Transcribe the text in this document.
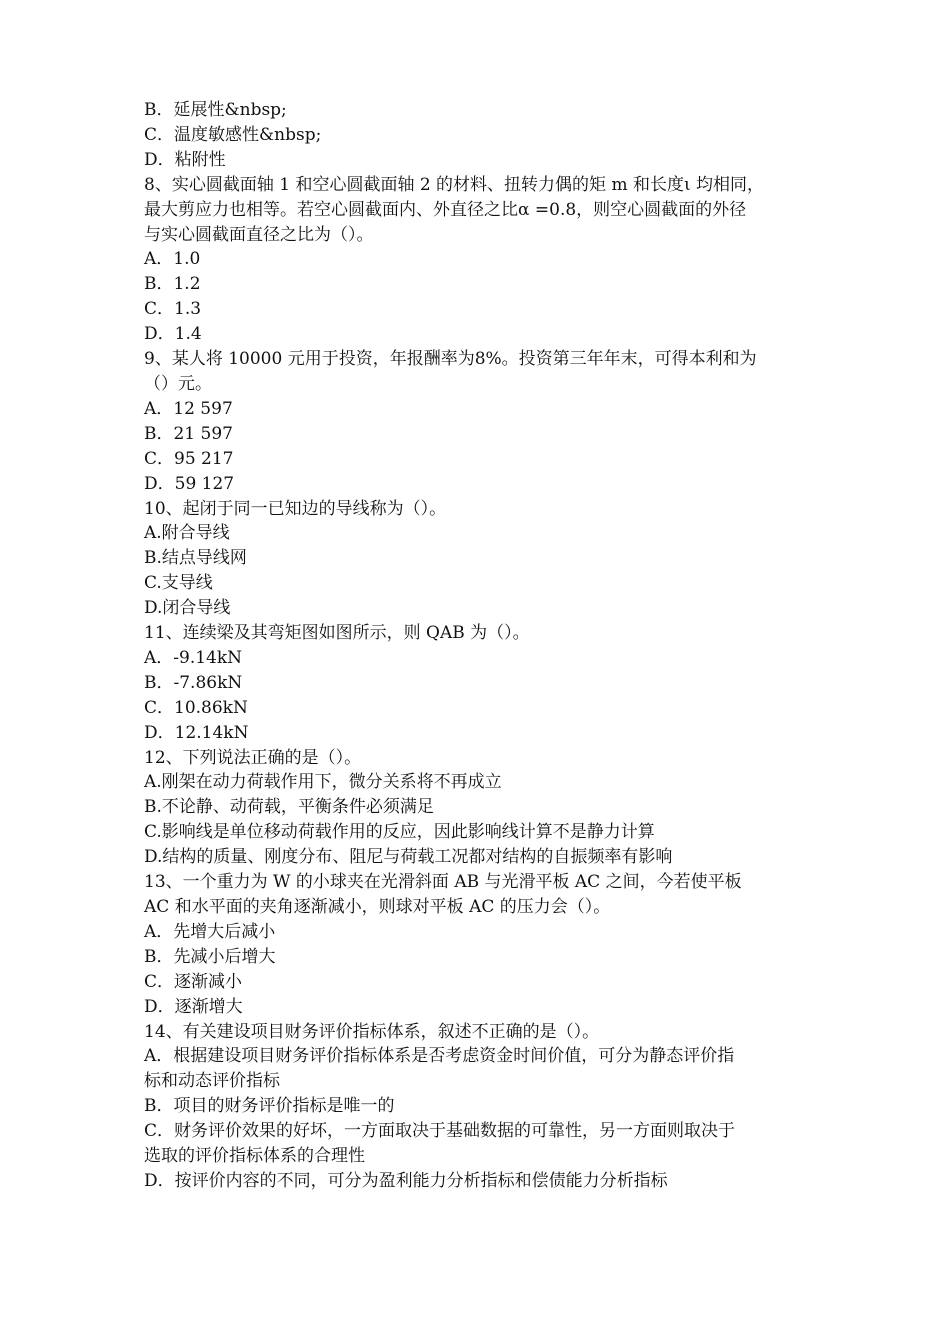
B．延展性&nbsp;

C．温度敏感性&nbsp;

D．粘附性

8、实心圆截面轴 1 和空心圆截面轴 2 的材料、扭转力偶的矩 m 和长度ι 均相同，

最大剪应力也相等。若空心圆截面内、外直径之比α =0.8，则空心圆截面的外径

与实心圆截面直径之比为（）。

A．1.0

B．1.2

C．1.3

D．1.4

9、某人将 10000 元用于投资，年报酬率为8%。投资第三年年末，可得本利和为

（）元。

A．12 597

B．21 597

C．95 217

D．59 127

10、起闭于同一已知边的导线称为（）。

A.附合导线

B.结点导线网

C.支导线

D.闭合导线

11、连续梁及其弯矩图如图所示，则 QAB 为（）。

A．-9.14kN

B．-7.86kN

C．10.86kN

D．12.14kN

12、下列说法正确的是（）。

A.刚架在动力荷载作用下，微分关系将不再成立

B.不论静、动荷载，平衡条件必须满足

C.影响线是单位移动荷载作用的反应，因此影响线计算不是静力计算

D.结构的质量、刚度分布、阻尼与荷载工况都对结构的自振频率有影响

13、一个重力为 W 的小球夹在光滑斜面 AB 与光滑平板 AC 之间，今若使平板

AC 和水平面的夹角逐渐减小，则球对平板 AC 的压力会（）。

A．先增大后减小

B．先减小后增大

C．逐渐减小

D．逐渐增大

14、有关建设项目财务评价指标体系，叙述不正确的是（）。

A．根据建设项目财务评价指标体系是否考虑资金时间价值，可分为静态评价指

标和动态评价指标

B．项目的财务评价指标是唯一的

C．财务评价效果的好坏，一方面取决于基础数据的可靠性，另一方面则取决于

选取的评价指标体系的合理性

D．按评价内容的不同，可分为盈利能力分析指标和偿债能力分析指标
